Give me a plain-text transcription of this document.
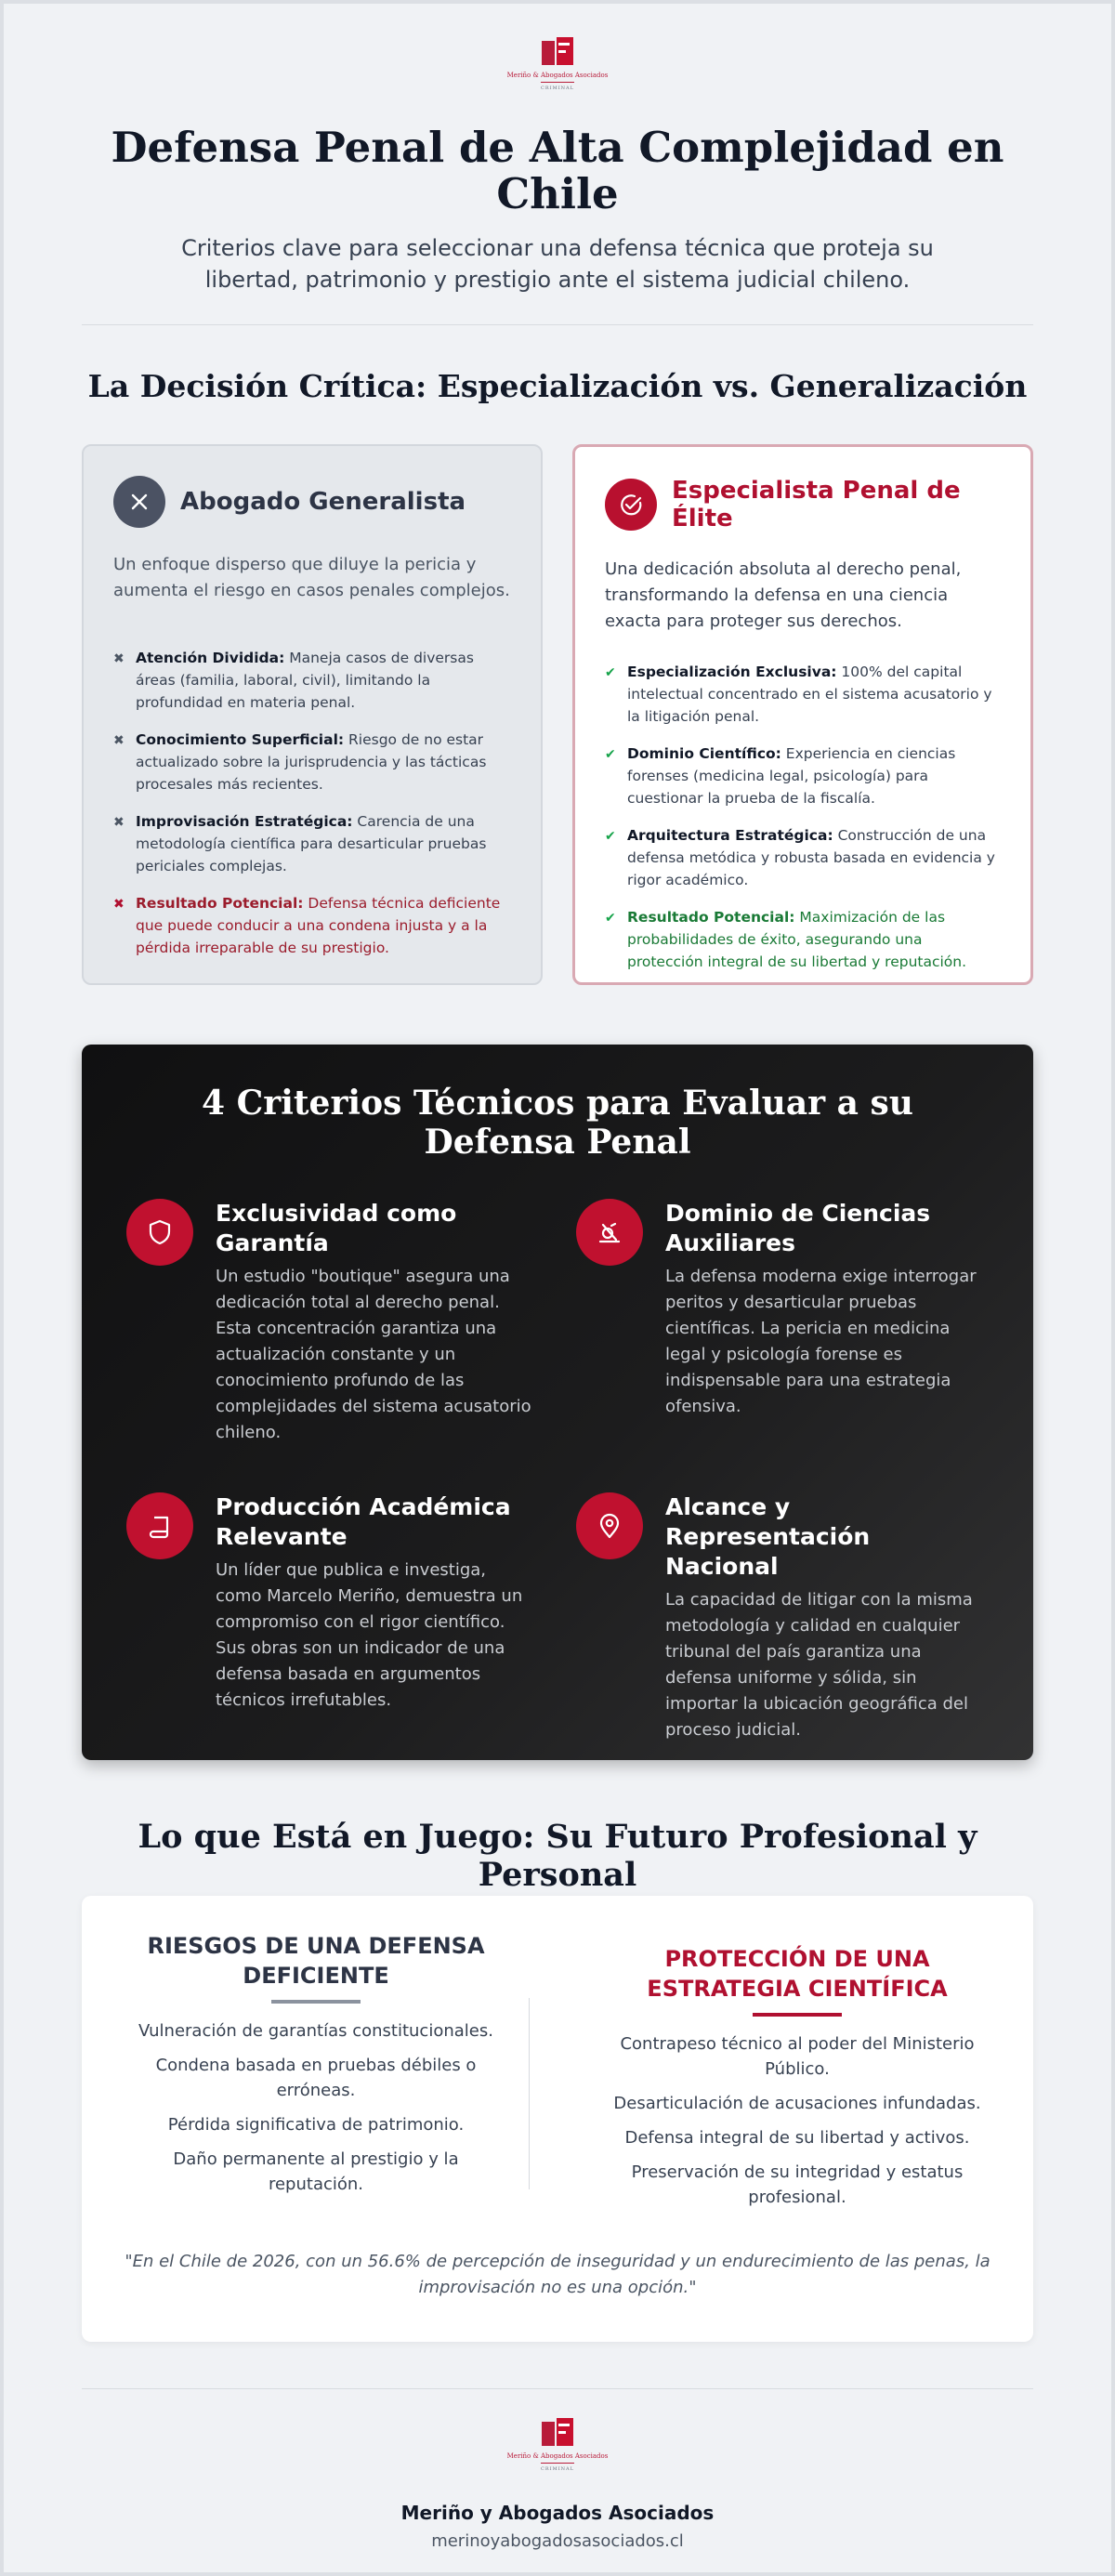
Meriño & Abogados Asociados
CRIMINAL
Defensa Penal de Alta Complejidad en Chile

Criterios clave para seleccionar una defensa técnica que proteja su libertad, patrimonio y prestigio ante el sistema judicial chileno.

La Decisión Crítica: Especialización vs. Generalización
Abogado Generalista

Un enfoque disperso que diluye la pericia y aumenta el riesgo en casos penales complejos.

✖ Atención Dividida: Maneja casos de diversas áreas (familia, laboral, civil), limitando la profundidad en materia penal.
✖ Conocimiento Superficial: Riesgo de no estar actualizado sobre la jurisprudencia y las tácticas procesales más recientes.
✖ Improvisación Estratégica: Carencia de una metodología científica para desarticular pruebas periciales complejas.
✖ Resultado Potencial: Defensa técnica deficiente que puede conducir a una condena injusta y a la pérdida irreparable de su prestigio.
Especialista Penal de Élite

Una dedicación absoluta al derecho penal, transformando la defensa en una ciencia exacta para proteger sus derechos.

✔ Especialización Exclusiva: 100% del capital intelectual concentrado en el sistema acusatorio y la litigación penal.
✔ Dominio Científico: Experiencia en ciencias forenses (medicina legal, psicología) para cuestionar la prueba de la fiscalía.
✔ Arquitectura Estratégica: Construcción de una defensa metódica y robusta basada en evidencia y rigor académico.
✔ Resultado Potencial: Maximización de las probabilidades de éxito, asegurando una protección integral de su libertad y reputación.
4 Criterios Técnicos para Evaluar a su Defensa Penal
Exclusividad como Garantía
Un estudio "boutique" asegura una dedicación total al derecho penal. Esta concentración garantiza una actualización constante y un conocimiento profundo de las complejidades del sistema acusatorio chileno.
Dominio de Ciencias Auxiliares
La defensa moderna exige interrogar peritos y desarticular pruebas científicas. La pericia en medicina legal y psicología forense es indispensable para una estrategia ofensiva.
Producción Académica Relevante
Un líder que publica e investiga, como Marcelo Meriño, demuestra un compromiso con el rigor científico. Sus obras son un indicador de una defensa basada en argumentos técnicos irrefutables.
Alcance y Representación Nacional
La capacidad de litigar con la misma metodología y calidad en cualquier tribunal del país garantiza una defensa uniforme y sólida, sin importar la ubicación geográfica del proceso judicial.
Lo que Está en Juego: Su Futuro Profesional y Personal
RIESGOS DE UNA DEFENSA DEFICIENTE
Vulneración de garantías constitucionales.
Condena basada en pruebas débiles o erróneas.
Pérdida significativa de patrimonio.
Daño permanente al prestigio y la reputación.
PROTECCIÓN DE UNA ESTRATEGIA CIENTÍFICA
Contrapeso técnico al poder del Ministerio Público.
Desarticulación de acusaciones infundadas.
Defensa integral de su libertad y activos.
Preservación de su integridad y estatus profesional.

"En el Chile de 2026, con un 56.6% de percepción de inseguridad y un endurecimiento de las penas, la improvisación no es una opción."

Meriño & Abogados Asociados
CRIMINAL
Meriño y Abogados Asociados
merinoyabogadosasociados.cl
